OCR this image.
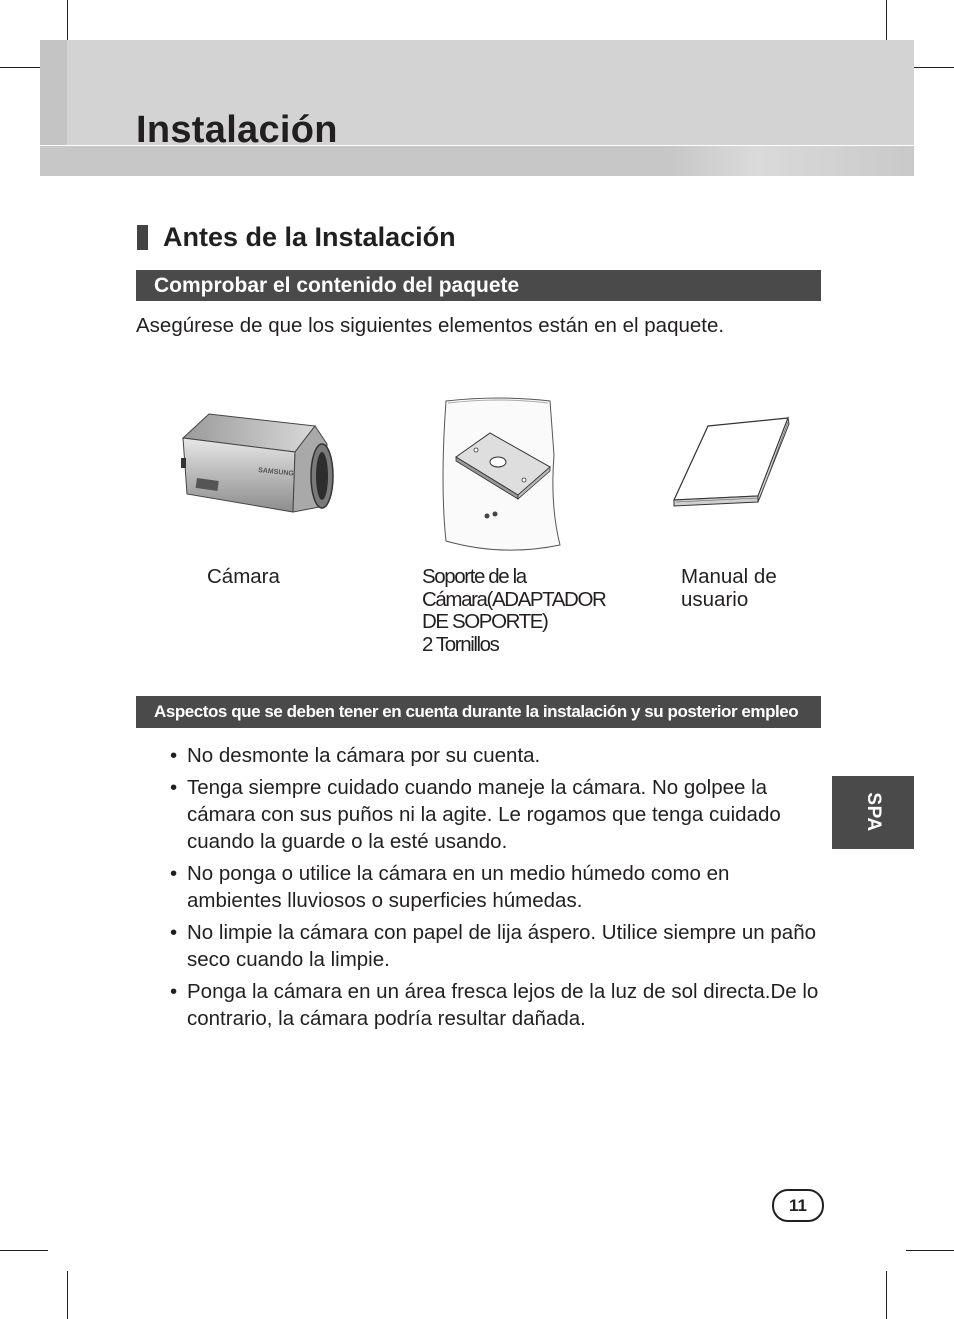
Instalación
Antes de la Instalación
Comprobar el contenido del paquete
Asegúrese de que los siguientes elementos están en el paquete.
SAMSUNG
Cámara	Soporte de la
Cámara(ADAPTADOR
DE SOPORTE)
2 Tornillos
Manual de
usuario
Aspectos que se deben tener en cuenta durante la instalación y su posterior empleo
• No desmonte la cámara por su cuenta.
• Tenga siempre cuidado cuando maneje la cámara. No golpee la cámara con sus puños ni la agite. Le rogamos que tenga cuidado cuando la guarde o la esté usando.
• No ponga o utilice la cámara en un medio húmedo como en ambientes lluviosos o superficies húmedas.
• No limpie la cámara con papel de lija áspero. Utilice siempre un paño seco cuando la limpie.
• Ponga la cámara en un área fresca lejos de la luz de sol directa.De lo contrario, la cámara podría resultar dañada.
SPA
11
